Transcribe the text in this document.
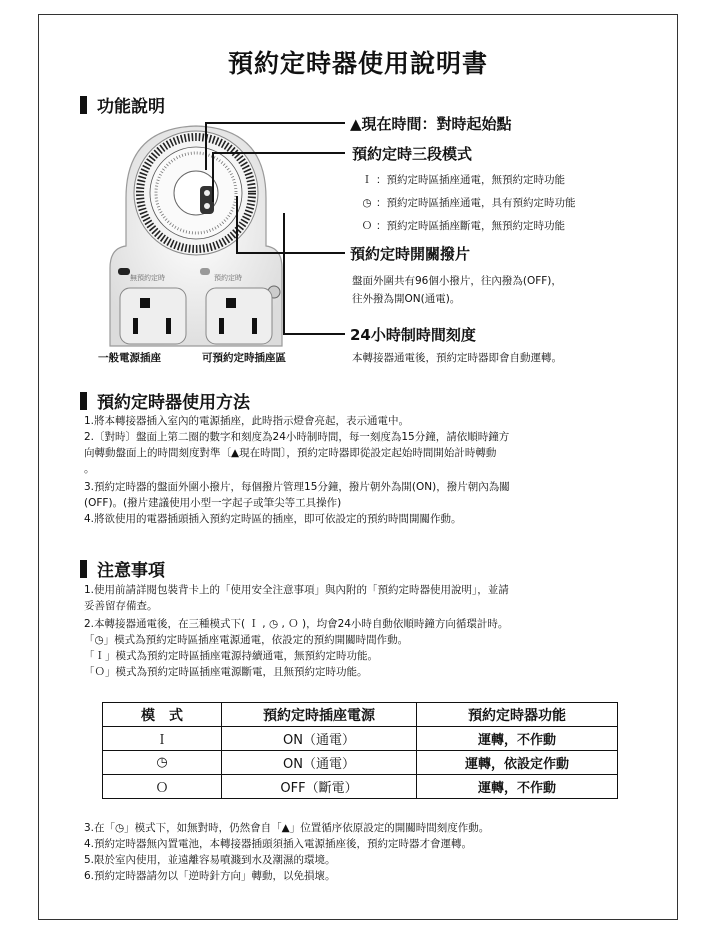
預約定時器使用說明書
功能說明
無預約定時	預約定時
一般電源插座	可預約定時插座區
▲現在時間：對時起始點
預約定時三段模式
Ｉ ：預約定時區插座通電，無預約定時功能
◷ ：預約定時區插座通電，具有預約定時功能
Ｏ ：預約定時區插座斷電，無預約定時功能
預約定時開關撥片
盤面外圍共有96個小撥片，往內撥為(OFF)，
往外撥為開ON(通電)。
24小時制時間刻度
本轉接器通電後，預約定時器即會自動運轉。
預約定時器使用方法
1.將本轉接器插入室內的電源插座，此時指示燈會亮起，表示通電中。
2.〔對時〕盤面上第二圈的數字和刻度為24小時制時間，每一刻度為15分鐘，請依順時鐘方
向轉動盤面上的時間刻度對準〔▲現在時間〕，預約定時器即從設定起始時間開始計時轉動
。
3.預約定時器的盤面外圍小撥片，每個撥片管理15分鐘，撥片朝外為開(ON)，撥片朝內為關
(OFF)。(撥片建議使用小型一字起子或筆尖等工具操作)
4.將欲使用的電器插頭插入預約定時區的插座，即可依設定的預約時間開關作動。
注意事項
1.使用前請詳閱包裝背卡上的「使用安全注意事項」與內附的「預約定時器使用說明」，並請
妥善留存備查。
2.本轉接器通電後，在三種模式下( Ｉ , ◷ , Ｏ )，均會24小時自動依順時鐘方向循環計時。
「◷」模式為預約定時區插座電源通電，依設定的預約開關時間作動。
「Ｉ」模式為預約定時區插座電源持續通電，無預約定時功能。
「Ｏ」模式為預約定時區插座電源斷電，且無預約定時功能。
模　式	預約定時插座電源	預約定時器功能
Ｉ	ON（通電）	運轉，不作動
◷	ON（通電）	運轉，依設定作動
Ｏ	OFF（斷電）	運轉，不作動
3.在「◷」模式下，如無對時，仍然會自「▲」位置循序依原設定的開關時間刻度作動。
4.預約定時器無內置電池，本轉接器插頭須插入電源插座後，預約定時器才會運轉。
5.限於室內使用，並遠離容易噴濺到水及潮濕的環境。
6.預約定時器請勿以「逆時針方向」轉動，以免損壞。
